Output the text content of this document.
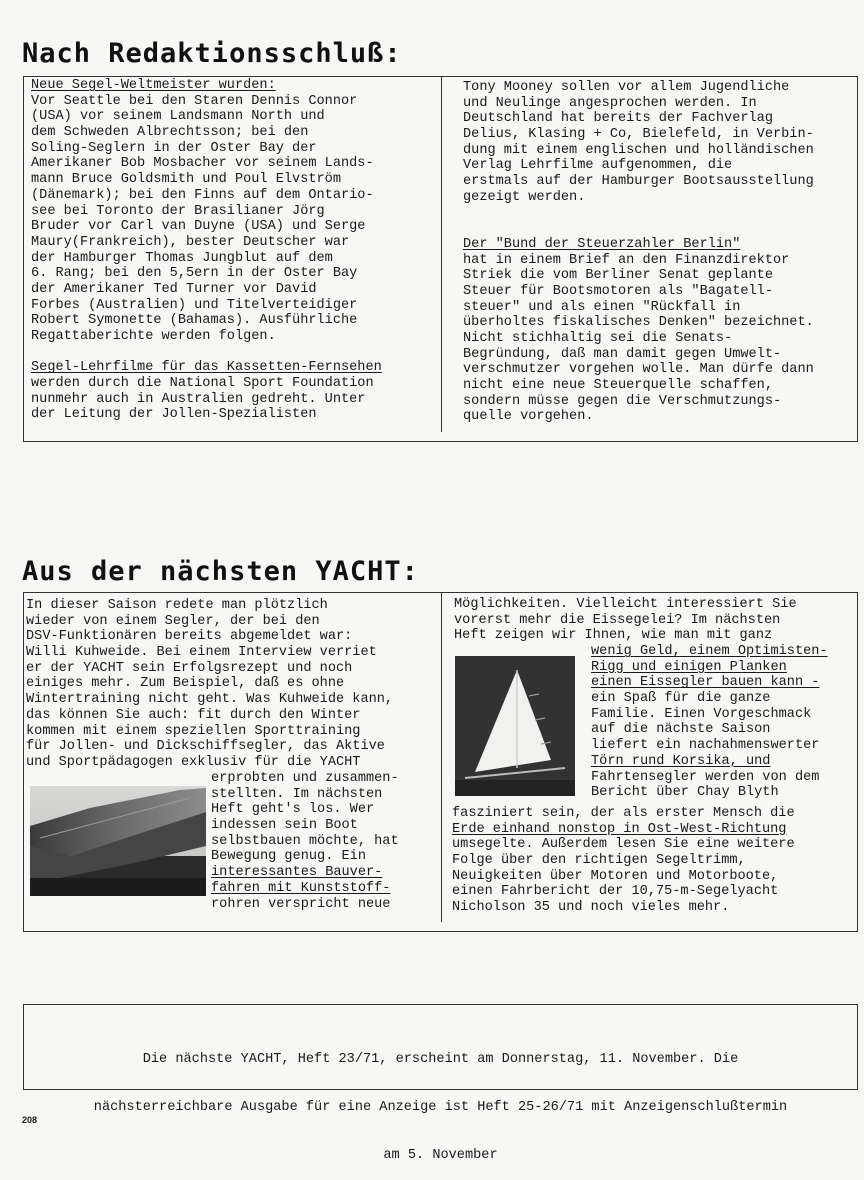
Nach Redaktionsschluß:
Neue Segel-Weltmeister wurden:
Vor Seattle bei den Staren Dennis Connor
(USA) vor seinem Landsmann North und
dem Schweden Albrechtsson; bei den
Soling-Seglern in der Oster Bay der
Amerikaner Bob Mosbacher vor seinem Lands-
mann Bruce Goldsmith und Poul Elvström
(Dänemark); bei den Finns auf dem Ontario-
see bei Toronto der Brasilianer Jörg
Bruder vor Carl van Duyne (USA) und Serge
Maury(Frankreich), bester Deutscher war
der Hamburger Thomas Jungblut auf dem
6. Rang; bei den 5,5ern in der Oster Bay
der Amerikaner Ted Turner vor David
Forbes (Australien) und Titelverteidiger
Robert Symonette (Bahamas). Ausführliche
Regattaberichte werden folgen.
Segel-Lehrfilme für das Kassetten-Fernsehen
werden durch die National Sport Foundation
nunmehr auch in Australien gedreht. Unter
der Leitung der Jollen-Spezialisten
Tony Mooney sollen vor allem Jugendliche
und Neulinge angesprochen werden. In
Deutschland hat bereits der Fachverlag
Delius, Klasing + Co, Bielefeld, in Verbin-
dung mit einem englischen und holländischen
Verlag Lehrfilme aufgenommen, die
erstmals auf der Hamburger Bootsausstellung
gezeigt werden.
Der "Bund der Steuerzahler Berlin"
hat in einem Brief an den Finanzdirektor
Striek die vom Berliner Senat geplante
Steuer für Bootsmotoren als "Bagatell-
steuer" und als einen "Rückfall in
überholtes fiskalisches Denken" bezeichnet.
Nicht stichhaltig sei die Senats-
Begründung, daß man damit gegen Umwelt-
verschmutzer vorgehen wolle. Man dürfe dann
nicht eine neue Steuerquelle schaffen,
sondern müsse gegen die Verschmutzungs-
quelle vorgehen.
Aus der nächsten YACHT:
In dieser Saison redete man plötzlich
wieder von einem Segler, der bei den
DSV-Funktionären bereits abgemeldet war:
Willi Kuhweide. Bei einem Interview verriet
er der YACHT sein Erfolgsrezept und noch
einiges mehr. Zum Beispiel, daß es ohne
Wintertraining nicht geht. Was Kuhweide kann,
das können Sie auch: fit durch den Winter
kommen mit einem speziellen Sporttraining
für Jollen- und Dickschiffsegler, das Aktive
und Sportpädagogen exklusiv für die YACHT
erprobten und zusammen-
stellten. Im nächsten
Heft geht's los. Wer
indessen sein Boot
selbstbauen möchte, hat
Bewegung genug. Ein
interessantes Bauver-
fahren mit Kunststoff-
rohren verspricht neue
Möglichkeiten. Vielleicht interessiert Sie
vorerst mehr die Eissegelei? Im nächsten
Heft zeigen wir Ihnen, wie man mit ganz
wenig Geld, einem Optimisten-
Rigg und einigen Planken
einen Eissegler bauen kann -
ein Spaß für die ganze
Familie. Einen Vorgeschmack
auf die nächste Saison
liefert ein nachahmenswerter
Törn rund Korsika, und
Fahrtensegler werden von dem
Bericht über Chay Blyth
fasziniert sein, der als erster Mensch die
Erde einhand nonstop in Ost-West-Richtung
umsegelte. Außerdem lesen Sie eine weitere
Folge über den richtigen Segeltrimm,
Neuigkeiten über Motoren und Motorboote,
einen Fahrbericht der 10,75-m-Segelyacht
Nicholson 35 und noch vieles mehr.

Die nächste YACHT, Heft 23/71, erscheint am Donnerstag, 11. November. Die

nächsterreichbare Ausgabe für eine Anzeige ist Heft 25-26/71 mit Anzeigenschlußtermin

am 5. November

208
